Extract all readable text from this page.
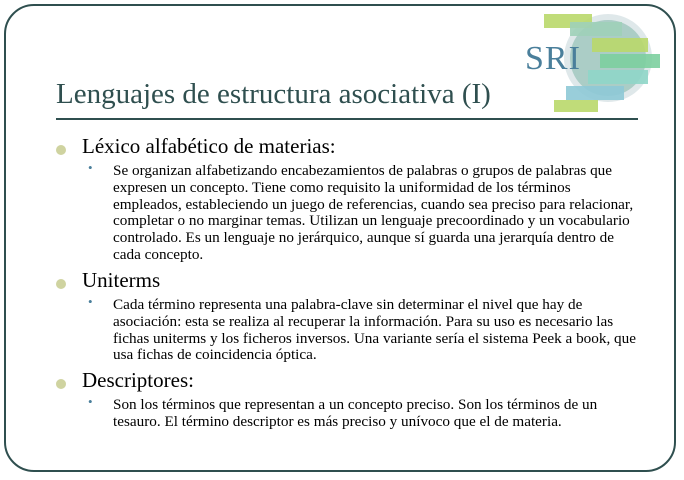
SRI
Lenguajes de estructura asociativa (I)
Léxico alfabético de materias:
• Se organizan alfabetizando encabezamientos de palabras o grupos de palabras que expresen un concepto. Tiene como requisito la uniformidad de los términos empleados, estableciendo un juego de referencias, cuando sea preciso para relacionar, completar o no marginar temas. Utilizan un lenguaje precoordinado y un vocabulario controlado. Es un lenguaje no jerárquico, aunque sí guarda una jerarquía dentro de cada concepto.
Uniterms
• Cada término representa una palabra-clave sin determinar el nivel que hay de asociación: esta se realiza al recuperar la información. Para su uso es necesario las fichas uniterms y los ficheros inversos. Una variante sería el sistema Peek a book, que usa fichas de coincidencia óptica.
Descriptores:
• Son los términos que representan a un concepto preciso. Son los términos de un tesauro. El término descriptor es más preciso y unívoco que el de materia.
